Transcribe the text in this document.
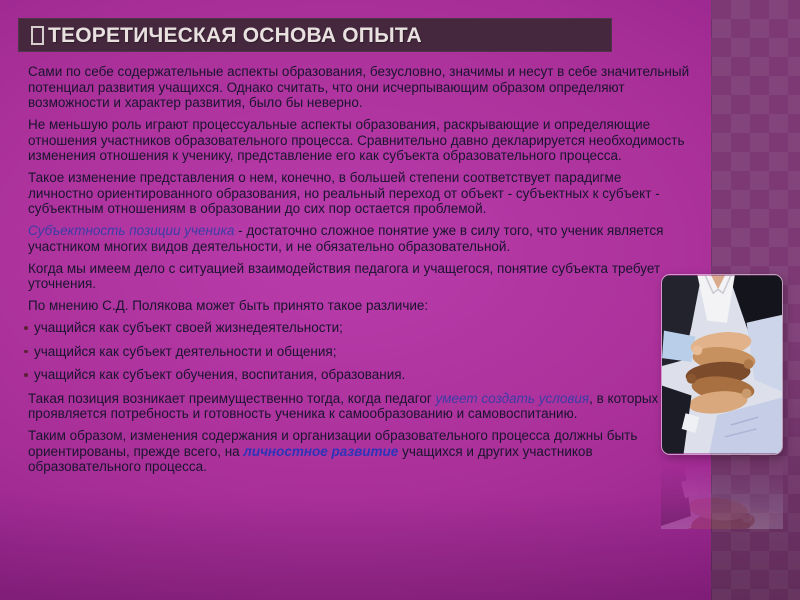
ТЕОРЕТИЧЕСКАЯ ОСНОВА ОПЫТА
Сами по себе содержательные аспекты образования, безусловно, значимы и несут в себе значительный потенциал развития учащихся. Однако считать, что они исчерпывающим образом определяют возможности и характер развития, было бы неверно.
Не меньшую роль играют процессуальные аспекты образования, раскрывающие и определяющие отношения участников образовательного процесса. Сравнительно давно декларируется необходимость изменения отношения к ученику, представление его как субъекта образовательного процесса.
Такое изменение представления о нем, конечно, в большей степени соответствует парадигме личностно ориентированного образования, но реальный переход от объект - субъектных к субъект - субъектным отношениям в образовании до сих пор остается проблемой.
Субъектность позиции ученика - достаточно сложное понятие уже в силу того, что ученик является участником многих видов деятельности, и не обязательно образовательной.
Когда мы имеем дело с ситуацией взаимодействия педагога и учащегося, понятие субъекта требует уточнения.
По мнению С.Д. Полякова может быть принято такое различие:
учащийся как субъект своей жизнедеятельности;
учащийся как субъект деятельности и общения;
учащийся как субъект обучения, воспитания, образования.
Такая позиция возникает преимущественно тогда, когда педагог умеет создать условия, в которых проявляется потребность и готовность ученика к самообразованию и самовоспитанию.
Таким образом, изменения содержания и организации образовательного процесса должны быть ориентированы, прежде всего, на личностное развитие учащихся и других участников образовательного процесса.
